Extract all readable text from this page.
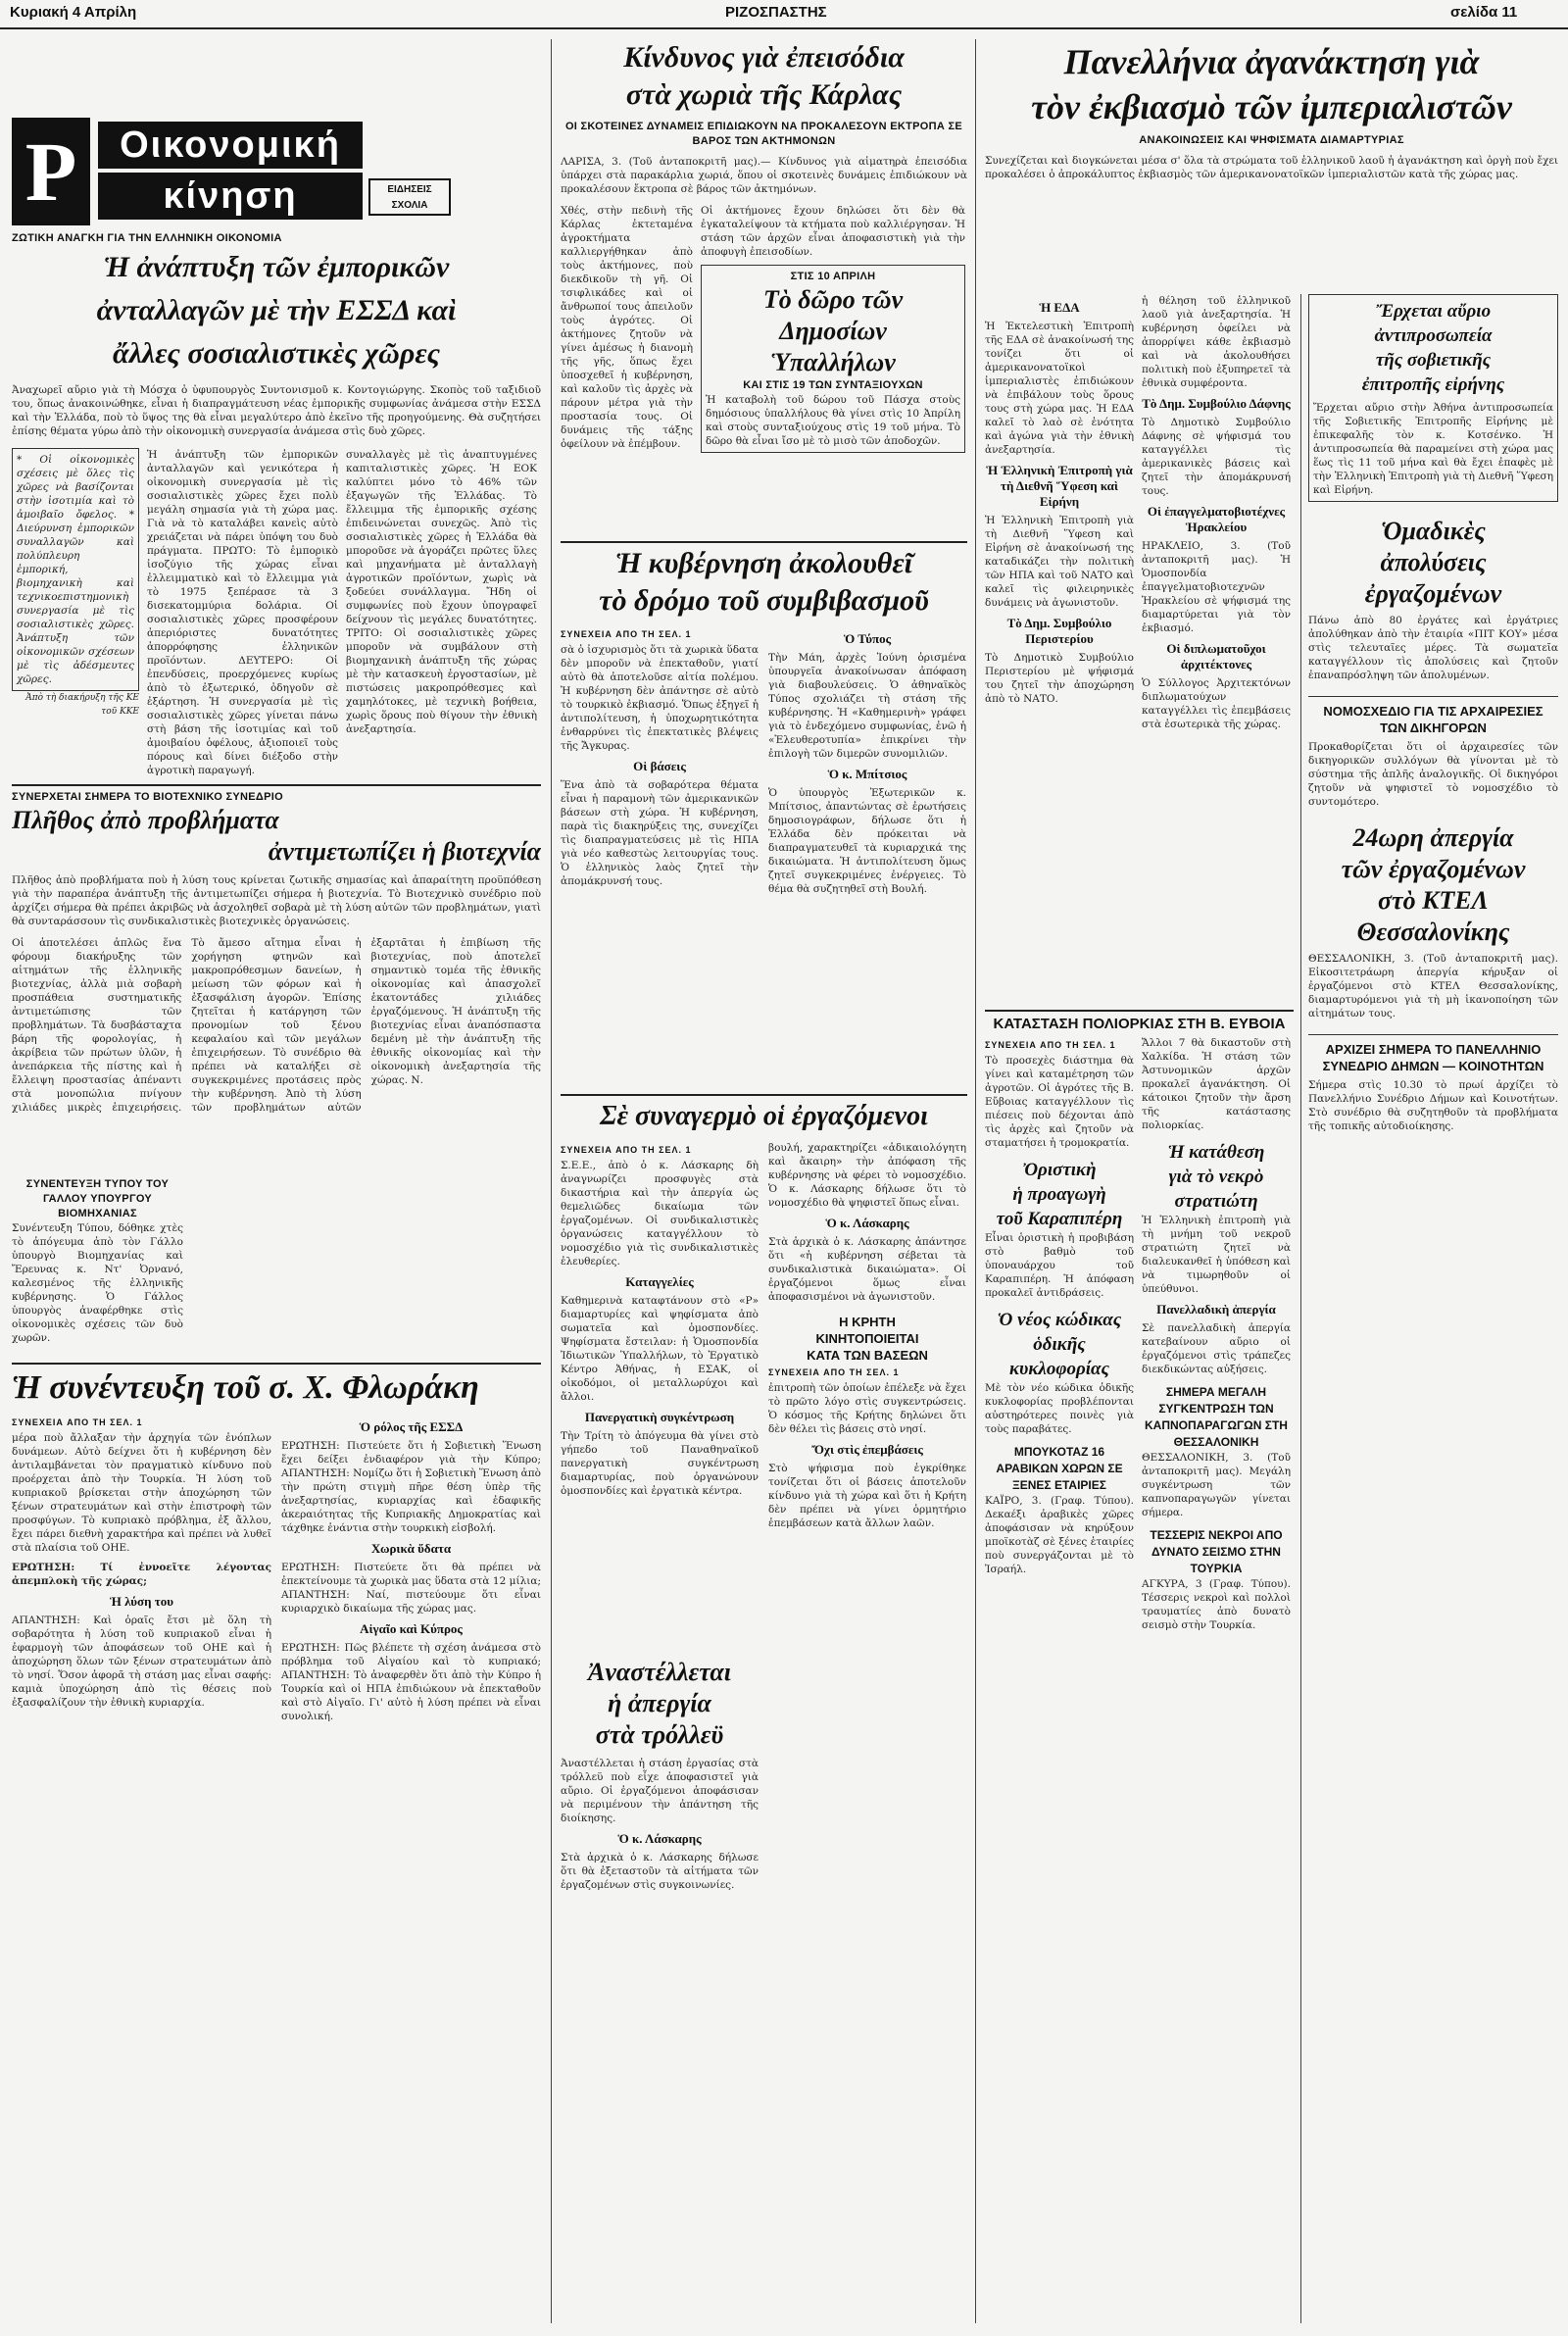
Κυριακή 4 Απρίλη	ΡΙΖΟΣΠΑΣΤΗΣ	σελίδα 11
Ρ	Οικονομική
κίνηση	ΕΙΔΗΣΕΙΣ
ΣΧΟΛΙΑ
ΖΩΤΙΚΗ ΑΝΑΓΚΗ ΓΙΑ ΤΗΝ ΕΛΛΗΝΙΚΗ ΟΙΚΟΝΟΜΙΑ
Ἡ ἀνάπτυξη τῶν ἐμπορικῶν
ἀνταλλαγῶν μὲ τὴν ΕΣΣΔ καὶ
ἄλλες σοσιαλιστικὲς χῶρες
Ἀναχωρεῖ αὔριο γιὰ τὴ Μόσχα ὁ ὑφυπουργὸς Συντονισμοῦ κ. Κοντογιώργης. Σκοπὸς τοῦ ταξιδιοῦ του, ὅπως ἀνακοινώθηκε, εἶναι ἡ διαπραγμάτευση νέας ἐμπορικῆς συμφωνίας ἀνάμεσα στὴν ΕΣΣΔ καὶ τὴν Ἑλλάδα, ποὺ τὸ ὕψος της θὰ εἶναι μεγαλύτερο ἀπὸ ἐκεῖνο τῆς προηγούμενης. Θὰ συζητήσει ἐπίσης θέματα γύρω ἀπὸ τὴν οἰκονομικὴ συνεργασία ἀνάμεσα στὶς δυὸ χῶρες.
* Οἱ οἰκονομικὲς σχέσεις μὲ ὅλες τὶς χῶρες νὰ βασίζονται στὴν ἰσοτιμία καὶ τὸ ἀμοιβαῖο ὄφελος. * Διεύρυνση ἐμπορικῶν συναλλαγῶν καὶ πολύπλευρη ἐμπορική, βιομηχανικὴ καὶ τεχνικοεπιστημονικὴ συνεργασία μὲ τὶς σοσιαλιστικὲς χῶρες. Ἀνάπτυξη τῶν οἰκονομικῶν σχέσεων μὲ τὶς ἀδέσμευτες χῶρες.
Ἀπὸ τὴ διακήρυξη τῆς ΚΕ τοῦ ΚΚΕ
Ἡ ἀνάπτυξη τῶν ἐμπορικῶν ἀνταλλαγῶν καὶ γενικότερα ἡ οἰκονομικὴ συνεργασία μὲ τὶς σοσιαλιστικὲς χῶρες ἔχει πολὺ μεγάλη σημασία γιὰ τὴ χώρα μας. Γιὰ νὰ τὸ καταλάβει κανεὶς αὐτὸ χρειάζεται νὰ πάρει ὑπόψη του δυὸ πράγματα. ΠΡΩΤΟ: Τὸ ἐμπορικὸ ἰσοζύγιο τῆς χώρας εἶναι ἐλλειμματικὸ καὶ τὸ ἔλλειμμα γιὰ τὸ 1975 ξεπέρασε τὰ 3 δισεκατομμύρια δολάρια. Οἱ σοσιαλιστικὲς χῶρες προσφέρουν ἀπεριόριστες δυνατότητες ἀπορρόφησης ἑλληνικῶν προϊόντων. ΔΕΥΤΕΡΟ: Οἱ ἐπενδύσεις, προερχόμενες κυρίως ἀπὸ τὸ ἐξωτερικό, ὁδηγοῦν σὲ ἐξάρτηση. Ἡ συνεργασία μὲ τὶς σοσιαλιστικὲς χῶρες γίνεται πάνω στὴ βάση τῆς ἰσοτιμίας καὶ τοῦ ἀμοιβαίου ὀφέλους, ἀξιοποιεῖ τοὺς πόρους καὶ δίνει διέξοδο στὴν ἀγροτικὴ παραγωγή.
συναλλαγὲς μὲ τὶς ἀναπτυγμένες καπιταλιστικὲς χῶρες. Ἡ ΕΟΚ καλύπτει μόνο τὸ 46% τῶν ἐξαγωγῶν τῆς Ἑλλάδας. Τὸ ἔλλειμμα τῆς ἐμπορικῆς σχέσης ἐπιδεινώνεται συνεχῶς. Ἀπὸ τὶς σοσιαλιστικὲς χῶρες ἡ Ἑλλάδα θὰ μποροῦσε νὰ ἀγοράζει πρῶτες ὕλες καὶ μηχανήματα μὲ ἀνταλλαγὴ ἀγροτικῶν προϊόντων, χωρὶς νὰ ξοδεύει συνάλλαγμα. Ἤδη οἱ συμφωνίες ποὺ ἔχουν ὑπογραφεῖ δείχνουν τὶς μεγάλες δυνατότητες. ΤΡΙΤΟ: Οἱ σοσιαλιστικὲς χῶρες μποροῦν νὰ συμβάλουν στὴ βιομηχανικὴ ἀνάπτυξη τῆς χώρας μὲ τὴν κατασκευὴ ἐργοστασίων, μὲ πιστώσεις μακροπρόθεσμες καὶ χαμηλότοκες, μὲ τεχνικὴ βοήθεια, χωρὶς ὅρους ποὺ θίγουν τὴν ἐθνικὴ ἀνεξαρτησία.
ΣΥΝΕΡΧΕΤΑΙ ΣΗΜΕΡΑ ΤΟ ΒΙΟΤΕΧΝΙΚΟ ΣΥΝΕΔΡΙΟ
Πλῆθος ἀπὸ προβλήματα
ἀντιμετωπίζει ἡ βιοτεχνία
Πλῆθος ἀπὸ προβλήματα ποὺ ἡ λύση τους κρίνεται ζωτικῆς σημασίας καὶ ἀπαραίτητη προϋπόθεση γιὰ τὴν παραπέρα ἀνάπτυξη τῆς ἀντιμετωπίζει σήμερα ἡ βιοτεχνία. Τὸ Βιοτεχνικὸ συνέδριο ποὺ ἀρχίζει σήμερα θὰ πρέπει ἀκριβῶς νὰ ἀσχοληθεῖ σοβαρὰ μὲ τὴ λύση αὐτῶν τῶν προβλημάτων, γιατὶ θὰ συνταράσσουν τὶς συνδικαλιστικὲς βιοτεχνικὲς ὀργανώσεις.
Οἱ ἀποτελέσει ἀπλῶς ἕνα φόρουμ διακήρυξης τῶν αἰτημάτων τῆς ἑλληνικῆς βιοτεχνίας, ἀλλὰ μιὰ σοβαρὴ προσπάθεια συστηματικῆς ἀντιμετώπισης τῶν προβλημάτων. Τὰ δυσβάσταχτα βάρη τῆς φορολογίας, ἡ ἀκρίβεια τῶν πρώτων ὑλῶν, ἡ ἀνεπάρκεια τῆς πίστης καὶ ἡ ἔλλειψη προστασίας ἀπέναντι στὰ μονοπώλια πνίγουν χιλιάδες μικρὲς ἐπιχειρήσεις. Τὸ ἄμεσο αἴτημα εἶναι ἡ χορήγηση φτηνῶν καὶ μακροπρόθεσμων δανείων, ἡ μείωση τῶν φόρων καὶ ἡ ἐξασφάλιση ἀγορῶν. Ἐπίσης ζητεῖται ἡ κατάργηση τῶν προνομίων τοῦ ξένου κεφαλαίου καὶ τῶν μεγάλων ἐπιχειρήσεων. Τὸ συνέδριο θὰ πρέπει νὰ καταλήξει σὲ συγκεκριμένες προτάσεις πρὸς τὴν κυβέρνηση. Ἀπὸ τὴ λύση τῶν προβλημάτων αὐτῶν ἐξαρτᾶται ἡ ἐπιβίωση τῆς βιοτεχνίας, ποὺ ἀποτελεῖ σημαντικὸ τομέα τῆς ἐθνικῆς οἰκονομίας καὶ ἀπασχολεῖ ἑκατοντάδες χιλιάδες ἐργαζόμενους. Ἡ ἀνάπτυξη τῆς βιοτεχνίας εἶναι ἀναπόσπαστα δεμένη μὲ τὴν ἀνάπτυξη τῆς ἐθνικῆς οἰκονομίας καὶ τὴν οἰκονομικὴ ἀνεξαρτησία τῆς χώρας. Ν.
ΣΥΝΕΝΤΕΥΞΗ ΤΥΠΟΥ ΤΟΥ ΓΑΛΛΟΥ ΥΠΟΥΡΓΟΥ ΒΙΟΜΗΧΑΝΙΑΣ
Συνέντευξη Τύπου, δόθηκε χτὲς τὸ ἀπόγευμα ἀπὸ τὸν Γάλλο ὑπουργὸ Βιομηχανίας καὶ Ἔρευνας κ. Ντ' Ὀρνανό, καλεσμένος τῆς ἑλληνικῆς κυβέρνησης. Ὁ Γάλλος ὑπουργὸς ἀναφέρθηκε στὶς οἰκονομικὲς σχέσεις τῶν δυὸ χωρῶν.
Ἡ συνέντευξη τοῦ σ. Χ. Φλωράκη
ΣΥΝΕΧΕΙΑ ΑΠΟ ΤΗ ΣΕΛ. 1
μέρα ποὺ ἄλλαξαν τὴν ἀρχηγία τῶν ἐνόπλων δυνάμεων. Αὐτὸ δείχνει ὅτι ἡ κυβέρνηση δὲν ἀντιλαμβάνεται τὸν πραγματικὸ κίνδυνο ποὺ προέρχεται ἀπὸ τὴν Τουρκία. Ἡ λύση τοῦ κυπριακοῦ βρίσκεται στὴν ἀποχώρηση τῶν ξένων στρατευμάτων καὶ στὴν ἐπιστροφὴ τῶν προσφύγων. Τὸ κυπριακὸ πρόβλημα, ἐξ ἄλλου, ἔχει πάρει διεθνὴ χαρακτήρα καὶ πρέπει νὰ λυθεῖ στὰ πλαίσια τοῦ ΟΗΕ.
ΕΡΩΤΗΣΗ: Τί ἐννοεῖτε λέγοντας ἀπεμπλοκὴ τῆς χώρας;
Ἡ λύση του
ΑΠΑΝΤΗΣΗ: Καὶ ὁραῖς ἔτσι μὲ ὅλη τὴ σοβαρότητα ἡ λύση τοῦ κυπριακοῦ εἶναι ἡ ἐφαρμογὴ τῶν ἀποφάσεων τοῦ ΟΗΕ καὶ ἡ ἀποχώρηση ὅλων τῶν ξένων στρατευμάτων ἀπὸ τὸ νησί. Ὅσον ἀφορᾶ τὴ στάση μας εἶναι σαφής: καμιὰ ὑποχώρηση ἀπὸ τὶς θέσεις ποὺ ἐξασφαλίζουν τὴν ἐθνικὴ κυριαρχία.
Ὁ ρόλος τῆς ΕΣΣΔ
ΕΡΩΤΗΣΗ: Πιστεύετε ὅτι ἡ Σοβιετικὴ Ἕνωση ἔχει δείξει ἐνδιαφέρον γιὰ τὴν Κύπρο; ΑΠΑΝΤΗΣΗ: Νομίζω ὅτι ἡ Σοβιετικὴ Ἕνωση ἀπὸ τὴν πρώτη στιγμὴ πῆρε θέση ὑπὲρ τῆς ἀνεξαρτησίας, κυριαρχίας καὶ ἐδαφικῆς ἀκεραιότητας τῆς Κυπριακῆς Δημοκρατίας καὶ τάχθηκε ἐνάντια στὴν τουρκικὴ εἰσβολή.
Χωρικὰ ὕδατα
ΕΡΩΤΗΣΗ: Πιστεύετε ὅτι θὰ πρέπει νὰ ἐπεκτείνουμε τὰ χωρικὰ μας ὕδατα στὰ 12 μίλια; ΑΠΑΝΤΗΣΗ: Ναί, πιστεύουμε ὅτι εἶναι κυριαρχικὸ δικαίωμα τῆς χώρας μας.
Αἰγαῖο καὶ Κύπρος
ΕΡΩΤΗΣΗ: Πῶς βλέπετε τὴ σχέση ἀνάμεσα στὸ πρόβλημα τοῦ Αἰγαίου καὶ τὸ κυπριακό; ΑΠΑΝΤΗΣΗ: Τὸ ἀναφερθὲν ὅτι ἀπὸ τὴν Κύπρο ἡ Τουρκία καὶ οἱ ΗΠΑ ἐπιδιώκουν νὰ ἐπεκταθοῦν καὶ στὸ Αἰγαῖο. Γι' αὐτὸ ἡ λύση πρέπει νὰ εἶναι συνολική.
Κίνδυνος γιὰ ἐπεισόδια
στὰ χωριὰ τῆς Κάρλας
ΟΙ ΣΚΟΤΕΙΝΕΣ ΔΥΝΑΜΕΙΣ ΕΠΙΔΙΩΚΟΥΝ ΝΑ ΠΡΟΚΑΛΕΣΟΥΝ ΕΚΤΡΟΠΑ ΣΕ ΒΑΡΟΣ ΤΩΝ ΑΚΤΗΜΟΝΩΝ
ΛΑΡΙΣΑ, 3. (Τοῦ ἀνταποκριτῆ μας).— Κίνδυνος γιὰ αἱματηρὰ ἐπεισόδια ὑπάρχει στὰ παρακάρλια χωριά, ὅπου οἱ σκοτεινὲς δυνάμεις ἐπιδιώκουν νὰ προκαλέσουν ἔκτροπα σὲ βάρος τῶν ἀκτημόνων.
Χθές, στὴν πεδινὴ τῆς Κάρλας ἐκτεταμένα ἀγροκτήματα καλλιεργήθηκαν ἀπὸ τοὺς ἀκτήμονες, ποὺ διεκδικοῦν τὴ γῆ. Οἱ τσιφλικάδες καὶ οἱ ἄνθρωποί τους ἀπειλοῦν τοὺς ἀγρότες. Οἱ ἀκτήμονες ζητοῦν νὰ γίνει ἀμέσως ἡ διανομὴ τῆς γῆς, ὅπως ἔχει ὑποσχεθεῖ ἡ κυβέρνηση, καὶ καλοῦν τὶς ἀρχὲς νὰ πάρουν μέτρα γιὰ τὴν προστασία τους. Οἱ δυνάμεις τῆς τάξης ὀφείλουν νὰ ἐπέμβουν.
Οἱ ἀκτήμονες ἔχουν δηλώσει ὅτι δὲν θὰ ἐγκαταλείψουν τὰ κτήματα ποὺ καλλιέργησαν. Ἡ στάση τῶν ἀρχῶν εἶναι ἀποφασιστικὴ γιὰ τὴν ἀποφυγὴ ἐπεισοδίων.
ΣΤΙΣ 10 ΑΠΡΙΛΗ
Τὸ δῶρο τῶν
Δημοσίων
Ὑπαλλήλων
ΚΑΙ ΣΤΙΣ 19 ΤΩΝ ΣΥΝΤΑΞΙΟΥΧΩΝ
Ἡ καταβολὴ τοῦ δώρου τοῦ Πάσχα στοὺς δημόσιους ὑπαλλήλους θὰ γίνει στὶς 10 Ἀπρίλη καὶ στοὺς συνταξιούχους στὶς 19 τοῦ μήνα. Τὸ δῶρο θὰ εἶναι ἴσο μὲ τὸ μισὸ τῶν ἀποδοχῶν.
Ἡ κυβέρνηση ἀκολουθεῖ
τὸ δρόμο τοῦ συμβιβασμοῦ
ΣΥΝΕΧΕΙΑ ΑΠΟ ΤΗ ΣΕΛ. 1
σὰ ὁ ἰσχυρισμὸς ὅτι τὰ χωρικὰ ὕδατα δὲν μποροῦν νὰ ἐπεκταθοῦν, γιατί αὐτὸ θὰ ἀποτελοῦσε αἰτία πολέμου. Ἡ κυβέρνηση δὲν ἀπάντησε σὲ αὐτὸ τὸ τουρκικὸ ἐκβιασμό. Ὅπως ἐξηγεῖ ἡ ἀντιπολίτευση, ἡ ὑποχωρητικότητα ἐνθαρρύνει τὶς ἐπεκτατικὲς βλέψεις τῆς Ἄγκυρας.
Οἱ βάσεις
Ἕνα ἀπὸ τὰ σοβαρότερα θέματα εἶναι ἡ παραμονὴ τῶν ἀμερικανικῶν βάσεων στὴ χώρα. Ἡ κυβέρνηση, παρὰ τὶς διακηρύξεις της, συνεχίζει τὶς διαπραγματεύσεις μὲ τὶς ΗΠΑ γιὰ νέο καθεστὼς λειτουργίας τους. Ὁ ἑλληνικὸς λαὸς ζητεῖ τὴν ἀπομάκρυνσή τους.
Ὁ Τύπος
Τὴν Μάη, ἀρχὲς Ἰούνη ὁρισμένα ὑπουργεῖα ἀνακοίνωσαν ἀπόφαση γιὰ διαβουλεύσεις. Ὁ ἀθηναϊκὸς Τύπος σχολιάζει τὴ στάση τῆς κυβέρνησης. Ἡ «Καθημερινὴ» γράφει γιὰ τὸ ἐνδεχόμενο συμφωνίας, ἐνῶ ἡ «Ἐλευθεροτυπία» ἐπικρίνει τὴν ἐπιλογὴ τῶν διμερῶν συνομιλιῶν.
Ὁ κ. Μπίτσιος
Ὁ ὑπουργὸς Ἐξωτερικῶν κ. Μπίτσιος, ἀπαντώντας σὲ ἐρωτήσεις δημοσιογράφων, δήλωσε ὅτι ἡ Ἑλλάδα δὲν πρόκειται νὰ διαπραγματευθεῖ τὰ κυριαρχικά της δικαιώματα. Ἡ ἀντιπολίτευση ὅμως ζητεῖ συγκεκριμένες ἐνέργειες. Τὸ θέμα θὰ συζητηθεῖ στὴ Βουλή.
Σὲ συναγερμὸ οἱ ἐργαζόμενοι
ΣΥΝΕΧΕΙΑ ΑΠΟ ΤΗ ΣΕΛ. 1
Σ.Ε.Ε., ἀπὸ ὁ κ. Λάσκαρης δὴ ἀναγνωρίζει προσφυγὲς στὰ δικαστήρια καὶ τὴν ἀπεργία ὡς θεμελιῶδες δικαίωμα τῶν ἐργαζομένων. Οἱ συνδικαλιστικὲς ὀργανώσεις καταγγέλλουν τὸ νομοσχέδιο γιὰ τὶς συνδικαλιστικὲς ἐλευθερίες.
Καταγγελίες
Καθημερινὰ καταφτάνουν στὸ «Ρ» διαμαρτυρίες καὶ ψηφίσματα ἀπὸ σωματεῖα καὶ ὁμοσπονδίες. Ψηφίσματα ἔστειλαν: ἡ Ὁμοσπονδία Ἰδιωτικῶν Ὑπαλλήλων, τὸ Ἐργατικὸ Κέντρο Ἀθήνας, ἡ ΕΣΑΚ, οἱ οἰκοδόμοι, οἱ μεταλλωρύχοι καὶ ἄλλοι.
Πανεργατικὴ συγκέντρωση
Τὴν Τρίτη τὸ ἀπόγευμα θὰ γίνει στὸ γήπεδο τοῦ Παναθηναϊκοῦ πανεργατικὴ συγκέντρωση διαμαρτυρίας, ποὺ ὀργανώνουν ὁμοσπονδίες καὶ ἐργατικὰ κέντρα.
βουλή, χαρακτηρίζει «ἀδικαιολόγητη καὶ ἄκαιρη» τὴν ἀπόφαση τῆς κυβέρνησης νὰ φέρει τὸ νομοσχέδιο. Ὁ κ. Λάσκαρης δήλωσε ὅτι τὸ νομοσχέδιο θὰ ψηφιστεῖ ὅπως εἶναι.
Ὁ κ. Λάσκαρης
Στὰ ἀρχικὰ ὁ κ. Λάσκαρης ἀπάντησε ὅτι «ἡ κυβέρνηση σέβεται τὰ συνδικαλιστικὰ δικαιώματα». Οἱ ἐργαζόμενοι ὅμως εἶναι ἀποφασισμένοι νὰ ἀγωνιστοῦν.
Η ΚΡΗΤΗ
ΚΙΝΗΤΟΠΟΙΕΙΤΑΙ
ΚΑΤΑ ΤΩΝ ΒΑΣΕΩΝ
ΣΥΝΕΧΕΙΑ ΑΠΟ ΤΗ ΣΕΛ. 1
ἐπιτροπὴ τῶν ὁποίων ἐπέλεξε νὰ ἔχει τὸ πρῶτο λόγο στὶς συγκεντρώσεις. Ὁ κόσμος τῆς Κρήτης δηλώνει ὅτι δὲν θέλει τὶς βάσεις στὸ νησί.
Ὄχι στὶς ἐπεμβάσεις
Στὸ ψήφισμα ποὺ ἐγκρίθηκε τονίζεται ὅτι οἱ βάσεις ἀποτελοῦν κίνδυνο γιὰ τὴ χώρα καὶ ὅτι ἡ Κρήτη δὲν πρέπει νὰ γίνει ὁρμητήριο ἐπεμβάσεων κατὰ ἄλλων λαῶν.
Ἀναστέλλεται
ἡ ἀπεργία
στὰ τρόλλεϋ
Ἀναστέλλεται ἡ στάση ἐργασίας στὰ τρόλλεϋ ποὺ εἶχε ἀποφασιστεῖ γιὰ αὔριο. Οἱ ἐργαζόμενοι ἀποφάσισαν νὰ περιμένουν τὴν ἀπάντηση τῆς διοίκησης.
Ὁ κ. Λάσκαρης
Στὰ ἀρχικὰ ὁ κ. Λάσκαρης δήλωσε ὅτι θὰ ἐξεταστοῦν τὰ αἰτήματα τῶν ἐργαζομένων στὶς συγκοινωνίες.
Πανελλήνια ἀγανάκτηση γιὰ
τὸν ἐκβιασμὸ τῶν ἰμπεριαλιστῶν
ΑΝΑΚΟΙΝΩΣΕΙΣ ΚΑΙ ΨΗΦΙΣΜΑΤΑ ΔΙΑΜΑΡΤΥΡΙΑΣ
Συνεχίζεται καὶ διογκώνεται μέσα σ' ὅλα τὰ στρώματα τοῦ ἑλληνικοῦ λαοῦ ἡ ἀγανάκτηση καὶ ὀργὴ ποὺ ἔχει προκαλέσει ὁ ἀπροκάλυπτος ἐκβιασμὸς τῶν ἀμερικανονατοϊκῶν ἰμπεριαλιστῶν κατὰ τῆς χώρας μας.
Ἡ ΕΔΑ
Ἡ Ἐκτελεστικὴ Ἐπιτροπὴ τῆς ΕΔΑ σὲ ἀνακοίνωσή της τονίζει ὅτι οἱ ἀμερικανονατοϊκοὶ ἰμπεριαλιστὲς ἐπιδιώκουν νὰ ἐπιβάλουν τοὺς ὅρους τους στὴ χώρα μας. Ἡ ΕΔΑ καλεῖ τὸ λαὸ σὲ ἑνότητα καὶ ἀγώνα γιὰ τὴν ἐθνικὴ ἀνεξαρτησία.
Ἡ Ἑλληνικὴ Ἐπιτροπὴ γιὰ τὴ Διεθνῆ Ὕφεση καὶ Εἰρήνη
Ἡ Ἑλληνικὴ Ἐπιτροπὴ γιὰ τὴ Διεθνῆ Ὕφεση καὶ Εἰρήνη σὲ ἀνακοίνωσή της καταδικάζει τὴν πολιτικὴ τῶν ΗΠΑ καὶ τοῦ ΝΑΤΟ καὶ καλεῖ τὶς φιλειρηνικὲς δυνάμεις νὰ ἀγωνιστοῦν.
Τὸ Δημ. Συμβούλιο Περιστερίου
Τὸ Δημοτικὸ Συμβούλιο Περιστερίου μὲ ψήφισμά του ζητεῖ τὴν ἀποχώρηση ἀπὸ τὸ ΝΑΤΟ.
ἡ θέληση τοῦ ἑλληνικοῦ λαοῦ γιὰ ἀνεξαρτησία. Ἡ κυβέρνηση ὀφείλει νὰ ἀπορρίψει κάθε ἐκβιασμὸ καὶ νὰ ἀκολουθήσει πολιτικὴ ποὺ ἐξυπηρετεῖ τὰ ἐθνικὰ συμφέροντα.
Τὸ Δημ. Συμβούλιο Δάφνης
Τὸ Δημοτικὸ Συμβούλιο Δάφνης σὲ ψήφισμά του καταγγέλλει τὶς ἀμερικανικὲς βάσεις καὶ ζητεῖ τὴν ἀπομάκρυνσή τους.
Οἱ ἐπαγγελματοβιοτέχνες Ἡρακλείου
ΗΡΑΚΛΕΙΟ, 3. (Τοῦ ἀνταποκριτῆ μας). Ἡ Ὁμοσπονδία ἐπαγγελματοβιοτεχνῶν Ἡρακλείου σὲ ψήφισμά της διαμαρτύρεται γιὰ τὸν ἐκβιασμό.
Οἱ διπλωματοῦχοι ἀρχιτέκτονες
Ὁ Σύλλογος Ἀρχιτεκτόνων διπλωματούχων καταγγέλλει τὶς ἐπεμβάσεις στὰ ἐσωτερικὰ τῆς χώρας.
ΚΑΤΑΣΤΑΣΗ ΠΟΛΙΟΡΚΙΑΣ ΣΤΗ Β. ΕΥΒΟΙΑ
ΣΥΝΕΧΕΙΑ ΑΠΟ ΤΗ ΣΕΛ. 1
Τὸ προσεχὲς διάστημα θὰ γίνει καὶ καταμέτρηση τῶν ἀγροτῶν. Οἱ ἀγρότες τῆς Β. Εὔβοιας καταγγέλλουν τὶς πιέσεις ποὺ δέχονται ἀπὸ τὶς ἀρχὲς καὶ ζητοῦν νὰ σταματήσει ἡ τρομοκρατία.
Ὀριστικὴ
ἡ προαγωγὴ
τοῦ Καραπιπέρη
Εἶναι ὁριστικὴ ἡ προβιβάση στὸ βαθμὸ τοῦ ὑποναυάρχου τοῦ Καραπιπέρη. Ἡ ἀπόφαση προκαλεῖ ἀντιδράσεις.
Ὁ νέος κώδικας
ὁδικῆς
κυκλοφορίας
Μὲ τὸν νέο κώδικα ὁδικῆς κυκλοφορίας προβλέπονται αὐστηρότερες ποινὲς γιὰ τοὺς παραβάτες.
ΜΠΟΥΚΟΤΑΖ 16 ΑΡΑΒΙΚΩΝ ΧΩΡΩΝ ΣΕ ΞΕΝΕΣ ΕΤΑΙΡΙΕΣ
ΚΑΪΡΟ, 3. (Γραφ. Τύπου). Δεκαέξι ἀραβικὲς χῶρες ἀποφάσισαν νὰ κηρύξουν μποϊκοτὰζ σὲ ξένες ἑταιρίες ποὺ συνεργάζονται μὲ τὸ Ἰσραήλ.
Ἄλλοι 7 θὰ δικαστοῦν στὴ Χαλκίδα. Ἡ στάση τῶν Ἀστυνομικῶν ἀρχῶν προκαλεῖ ἀγανάκτηση. Οἱ κάτοικοι ζητοῦν τὴν ἄρση τῆς κατάστασης πολιορκίας.
Ἡ κατάθεση
γιὰ τὸ νεκρὸ
στρατιώτη
Ἡ Ἑλληνικὴ ἐπιτροπὴ γιὰ τὴ μνήμη τοῦ νεκροῦ στρατιώτη ζητεῖ νὰ διαλευκανθεῖ ἡ ὑπόθεση καὶ νὰ τιμωρηθοῦν οἱ ὑπεύθυνοι.
Πανελλαδικὴ ἀπεργία
Σὲ πανελλαδικὴ ἀπεργία κατεβαίνουν αὔριο οἱ ἐργαζόμενοι στὶς τράπεζες διεκδικώντας αὐξήσεις.
ΣΗΜΕΡΑ ΜΕΓΑΛΗ ΣΥΓΚΕΝΤΡΩΣΗ ΤΩΝ ΚΑΠΝΟΠΑΡΑΓΩΓΩΝ ΣΤΗ ΘΕΣΣΑΛΟΝΙΚΗ
ΘΕΣΣΑΛΟΝΙΚΗ, 3. (Τοῦ ἀνταποκριτῆ μας). Μεγάλη συγκέντρωση τῶν καπνοπαραγωγῶν γίνεται σήμερα.
ΤΕΣΣΕΡΙΣ ΝΕΚΡΟΙ ΑΠΟ ΔΥΝΑΤΟ ΣΕΙΣΜΟ ΣΤΗΝ ΤΟΥΡΚΙΑ
ΑΓΚΥΡΑ, 3 (Γραφ. Τύπου). Τέσσερις νεκροὶ καὶ πολλοὶ τραυματίες ἀπὸ δυνατὸ σεισμὸ στὴν Τουρκία.
Ἔρχεται αὔριο
ἀντιπροσωπεία
τῆς σοβιετικῆς
ἐπιτροπῆς εἰρήνης
Ἔρχεται αὔριο στὴν Ἀθήνα ἀντιπροσωπεία τῆς Σοβιετικῆς Ἐπιτροπῆς Εἰρήνης μὲ ἐπικεφαλῆς τὸν κ. Κοτσένκο. Ἡ ἀντιπροσωπεία θὰ παραμείνει στὴ χώρα μας ἕως τὶς 11 τοῦ μήνα καὶ θὰ ἔχει ἐπαφὲς μὲ τὴν Ἑλληνικὴ Ἐπιτροπὴ γιὰ τὴ Διεθνῆ Ὕφεση καὶ Εἰρήνη.
Ὁμαδικὲς
ἀπολύσεις
ἐργαζομένων
Πάνω ἀπὸ 80 ἐργάτες καὶ ἐργάτριες ἀπολύθηκαν ἀπὸ τὴν ἐταιρία «ΠΙΤ ΚΟΥ» μέσα στὶς τελευταῖες μέρες. Τὰ σωματεῖα καταγγέλλουν τὶς ἀπολύσεις καὶ ζητοῦν ἐπαναπρόσληψη τῶν ἀπολυμένων.
ΝΟΜΟΣΧΕΔΙΟ ΓΙΑ ΤΙΣ ΑΡΧΑΙΡΕΣΙΕΣ ΤΩΝ ΔΙΚΗΓΟΡΩΝ
Προκαθορίζεται ὅτι οἱ ἀρχαιρεσίες τῶν δικηγορικῶν συλλόγων θὰ γίνονται μὲ τὸ σύστημα τῆς ἁπλῆς ἀναλογικῆς. Οἱ δικηγόροι ζητοῦν νὰ ψηφιστεῖ τὸ νομοσχέδιο τὸ συντομότερο.
24ωρη ἀπεργία
τῶν ἐργαζομένων
στὸ ΚΤΕΛ
Θεσσαλονίκης
ΘΕΣΣΑΛΟΝΙΚΗ, 3. (Τοῦ ἀνταποκριτῆ μας). Εἰκοσιτετράωρη ἀπεργία κήρυξαν οἱ ἐργαζόμενοι στὸ ΚΤΕΛ Θεσσαλονίκης, διαμαρτυρόμενοι γιὰ τὴ μὴ ἱκανοποίηση τῶν αἰτημάτων τους.
ΑΡΧΙΖΕΙ ΣΗΜΕΡΑ ΤΟ ΠΑΝΕΛΛΗΝΙΟ ΣΥΝΕΔΡΙΟ ΔΗΜΩΝ — ΚΟΙΝΟΤΗΤΩΝ
Σήμερα στὶς 10.30 τὸ πρωί ἀρχίζει τὸ Πανελλήνιο Συνέδριο Δήμων καὶ Κοινοτήτων. Στὸ συνέδριο θὰ συζητηθοῦν τὰ προβλήματα τῆς τοπικῆς αὐτοδιοίκησης.
